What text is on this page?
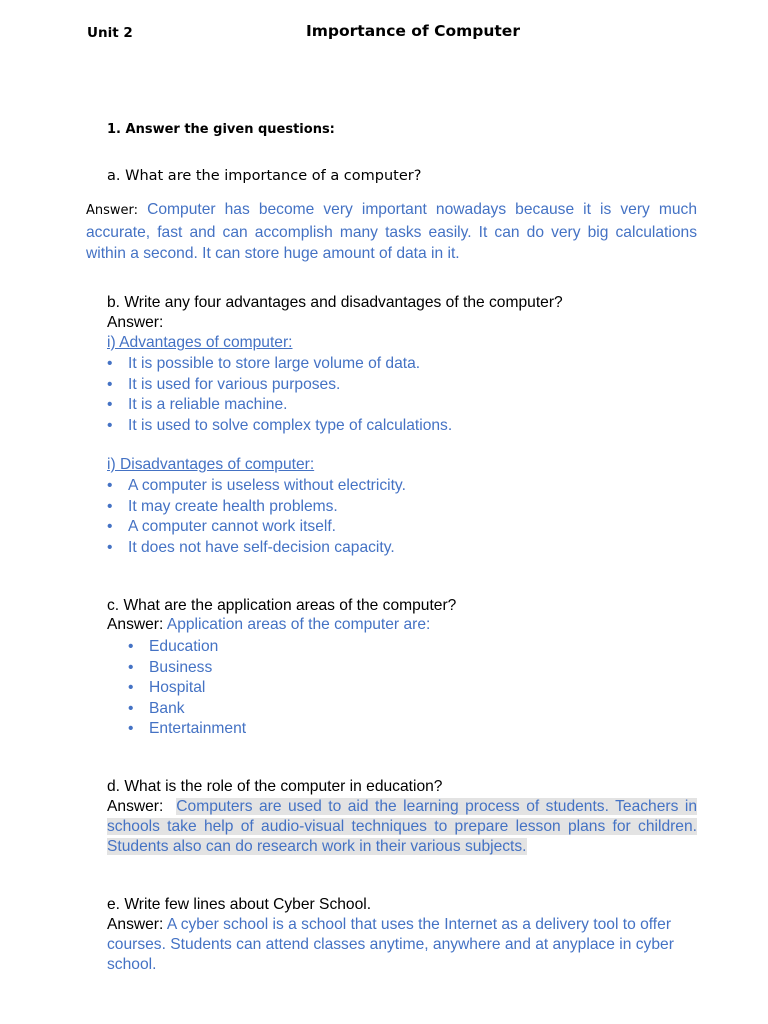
Unit 2	Importance of Computer
1. Answer the given questions:
a. What are the importance of a computer?
Answer: Computer has become very important nowadays because it is very much accurate, fast and can accomplish many tasks easily. It can do very big calculations within a second. It can store huge amount of data in it.
b. Write any four advantages and disadvantages of the computer?
Answer:
i) Advantages of computer:
• It is possible to store large volume of data.
• It is used for various purposes.
• It is a reliable machine.
• It is used to solve complex type of calculations.
i) Disadvantages of computer:
• A computer is useless without electricity.
• It may create health problems.
• A computer cannot work itself.
• It does not have self-decision capacity.
c. What are the application areas of the computer?
Answer: Application areas of the computer are:
• Education
• Business
• Hospital
• Bank
• Entertainment
d. What is the role of the computer in education?
Answer: Computers are used to aid the learning process of students. Teachers in schools take help of audio-visual techniques to prepare lesson plans for children. Students also can do research work in their various subjects.
e. Write few lines about Cyber School.
Answer: A cyber school is a school that uses the Internet as a delivery tool to offer courses. Students can attend classes anytime, anywhere and at anyplace in cyber school.
